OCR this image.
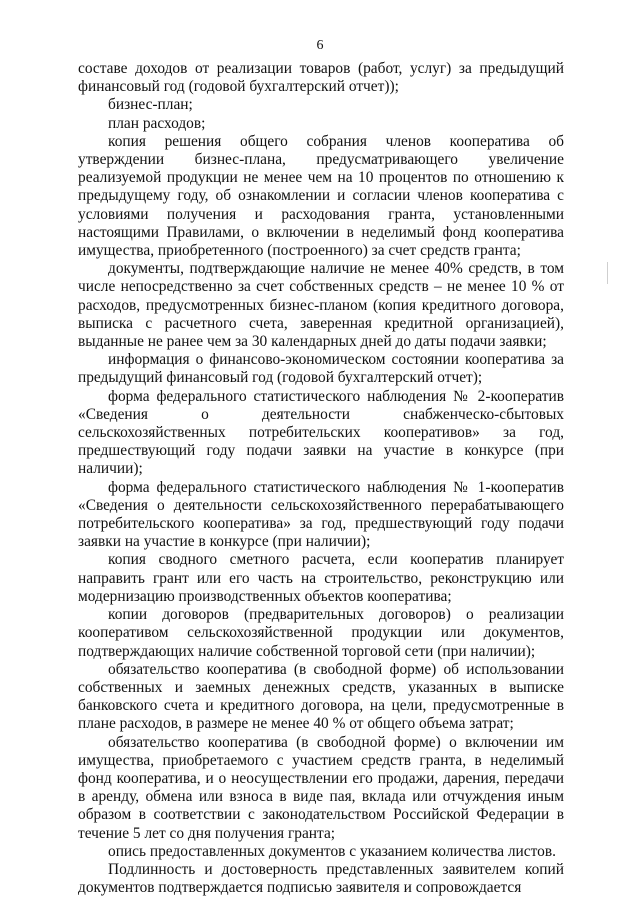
6

составе доходов от реализации товаров (работ, услуг) за предыдущий финансовый год (годовой бухгалтерский отчет));

бизнес-план;

план расходов;

копия решения общего собрания членов кооператива об утверждении бизнес-плана, предусматривающего увеличение реализуемой продукции не менее чем на 10 процентов по отношению к предыдущему году, об ознакомлении и согласии членов кооператива с условиями получения и расходования гранта, установленными настоящими Правилами, о включении в неделимый фонд кооператива имущества, приобретенного (построенного) за счет средств гранта;

документы, подтверждающие наличие не менее 40% средств, в том числе непосредственно за счет собственных средств – не менее 10 % от расходов, предусмотренных бизнес-планом (копия кредитного договора, выписка с расчетного счета, заверенная кредитной организацией), выданные не ранее чем за 30 календарных дней до даты подачи заявки;

информация о финансово-экономическом состоянии кооператива за предыдущий финансовый год (годовой бухгалтерский отчет);

форма федерального статистического наблюдения № 2-кооператив «Сведения о деятельности снабженческо-сбытовых сельскохозяйственных потребительских кооперативов» за год, предшествующий году подачи заявки на участие в конкурсе (при наличии);

форма федерального статистического наблюдения № 1-кооператив «Сведения о деятельности сельскохозяйственного перерабатывающего потребительского кооператива» за год, предшествующий году подачи заявки на участие в конкурсе (при наличии);

копия сводного сметного расчета, если кооператив планирует направить грант или его часть на строительство, реконструкцию или модернизацию производственных объектов кооператива;

копии договоров (предварительных договоров) о реализации кооперативом сельскохозяйственной продукции или документов, подтверждающих наличие собственной торговой сети (при наличии);

обязательство кооператива (в свободной форме) об использовании собственных и заемных денежных средств, указанных в выписке банковского счета и кредитного договора, на цели, предусмотренные в плане расходов, в размере не менее 40 % от общего объема затрат;

обязательство кооператива (в свободной форме) о включении им имущества, приобретаемого с участием средств гранта, в неделимый фонд кооператива, и о неосуществлении его продажи, дарения, передачи в аренду, обмена или взноса в виде пая, вклада или отчуждения иным образом в соответствии с законодательством Российской Федерации в течение 5 лет со дня получения гранта;

опись предоставленных документов с указанием количества листов.

Подлинность и достоверность представленных заявителем копий документов подтверждается подписью заявителя и сопровождается
